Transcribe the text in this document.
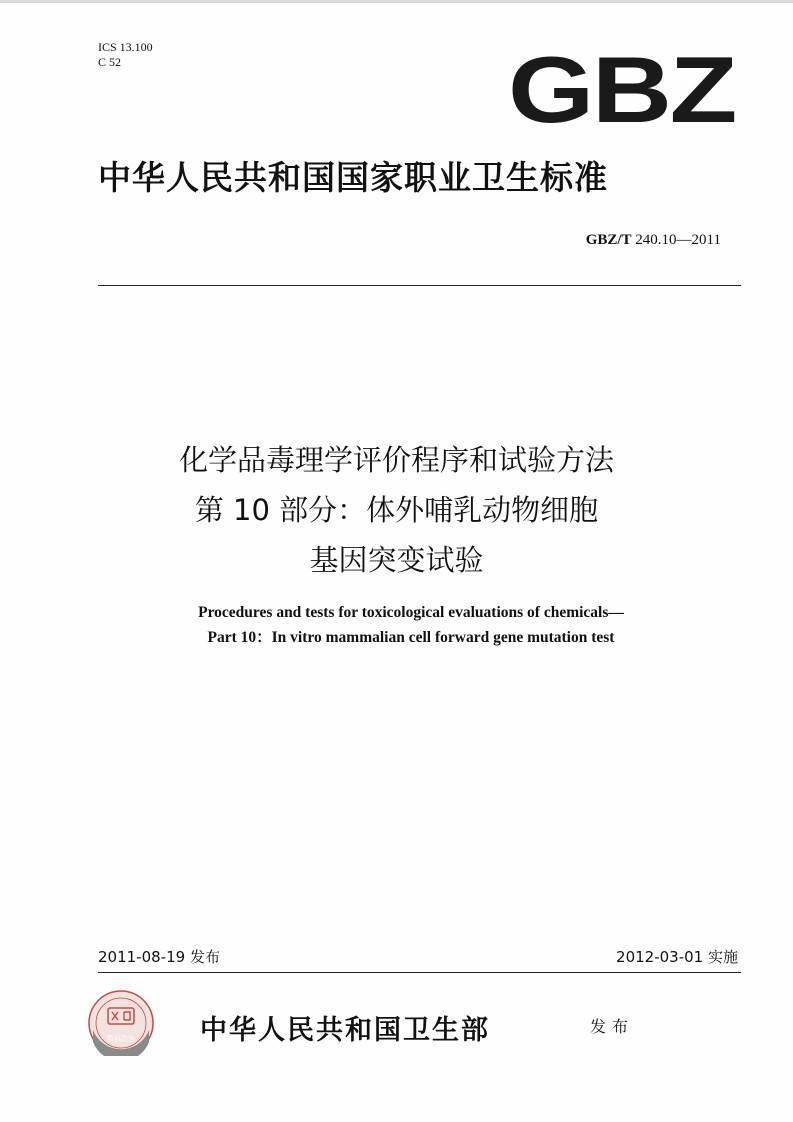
ICS 13.100
C 52	GBZ
中华人民共和国国家职业卫生标准
GBZ/T 240.10—2011
化学品毒理学评价程序和试验方法
第 10 部分：体外哺乳动物细胞
基因突变试验
Procedures and tests for toxicological evaluations of chemicals—
Part 10：In vitro mammalian cell forward gene mutation test
2011-08-19 发布	2012-03-01 实施
数码防伪 中华人民共和国卫生部	发布
